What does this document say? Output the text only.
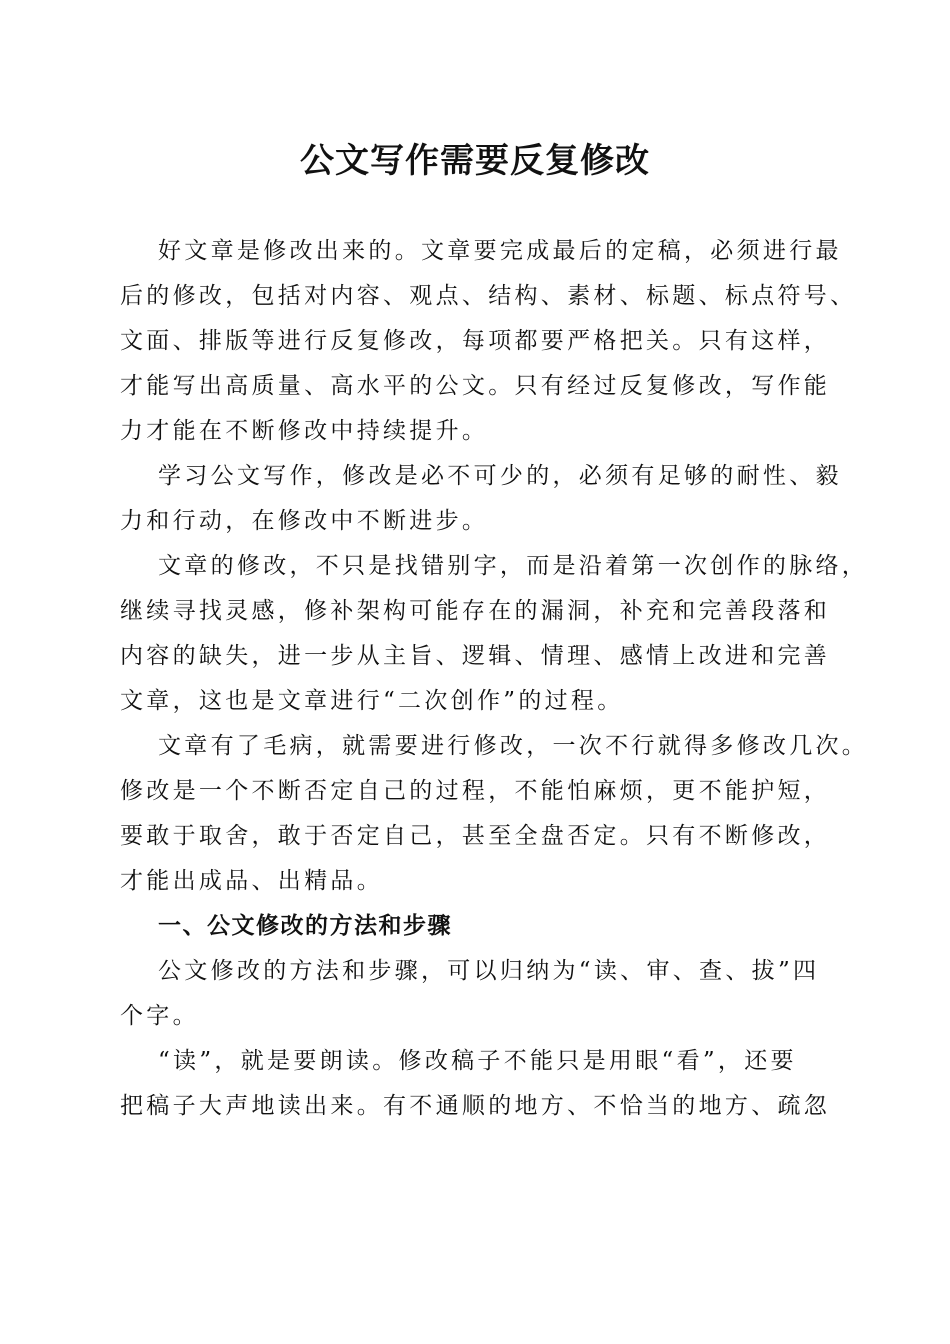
公文写作需要反复修改
好文章是修改出来的。文章要完成最后的定稿，必须进行最
后的修改，包括对内容、观点、结构、素材、标题、标点符号、
文面、排版等进行反复修改，每项都要严格把关。只有这样，
才能写出高质量、高水平的公文。只有经过反复修改，写作能
力才能在不断修改中持续提升。
学习公文写作，修改是必不可少的，必须有足够的耐性、毅
力和行动，在修改中不断进步。
文章的修改，不只是找错别字，而是沿着第一次创作的脉络，
继续寻找灵感，修补架构可能存在的漏洞，补充和完善段落和
内容的缺失，进一步从主旨、逻辑、情理、感情上改进和完善
文章，这也是文章进行“二次创作”的过程。
文章有了毛病，就需要进行修改，一次不行就得多修改几次。
修改是一个不断否定自己的过程，不能怕麻烦，更不能护短，
要敢于取舍，敢于否定自己，甚至全盘否定。只有不断修改，
才能出成品、出精品。
一、公文修改的方法和步骤
公文修改的方法和步骤，可以归纳为“读、审、查、拔”四
个字。
“读”，就是要朗读。修改稿子不能只是用眼“看”，还要
把稿子大声地读出来。有不通顺的地方、不恰当的地方、疏忽
